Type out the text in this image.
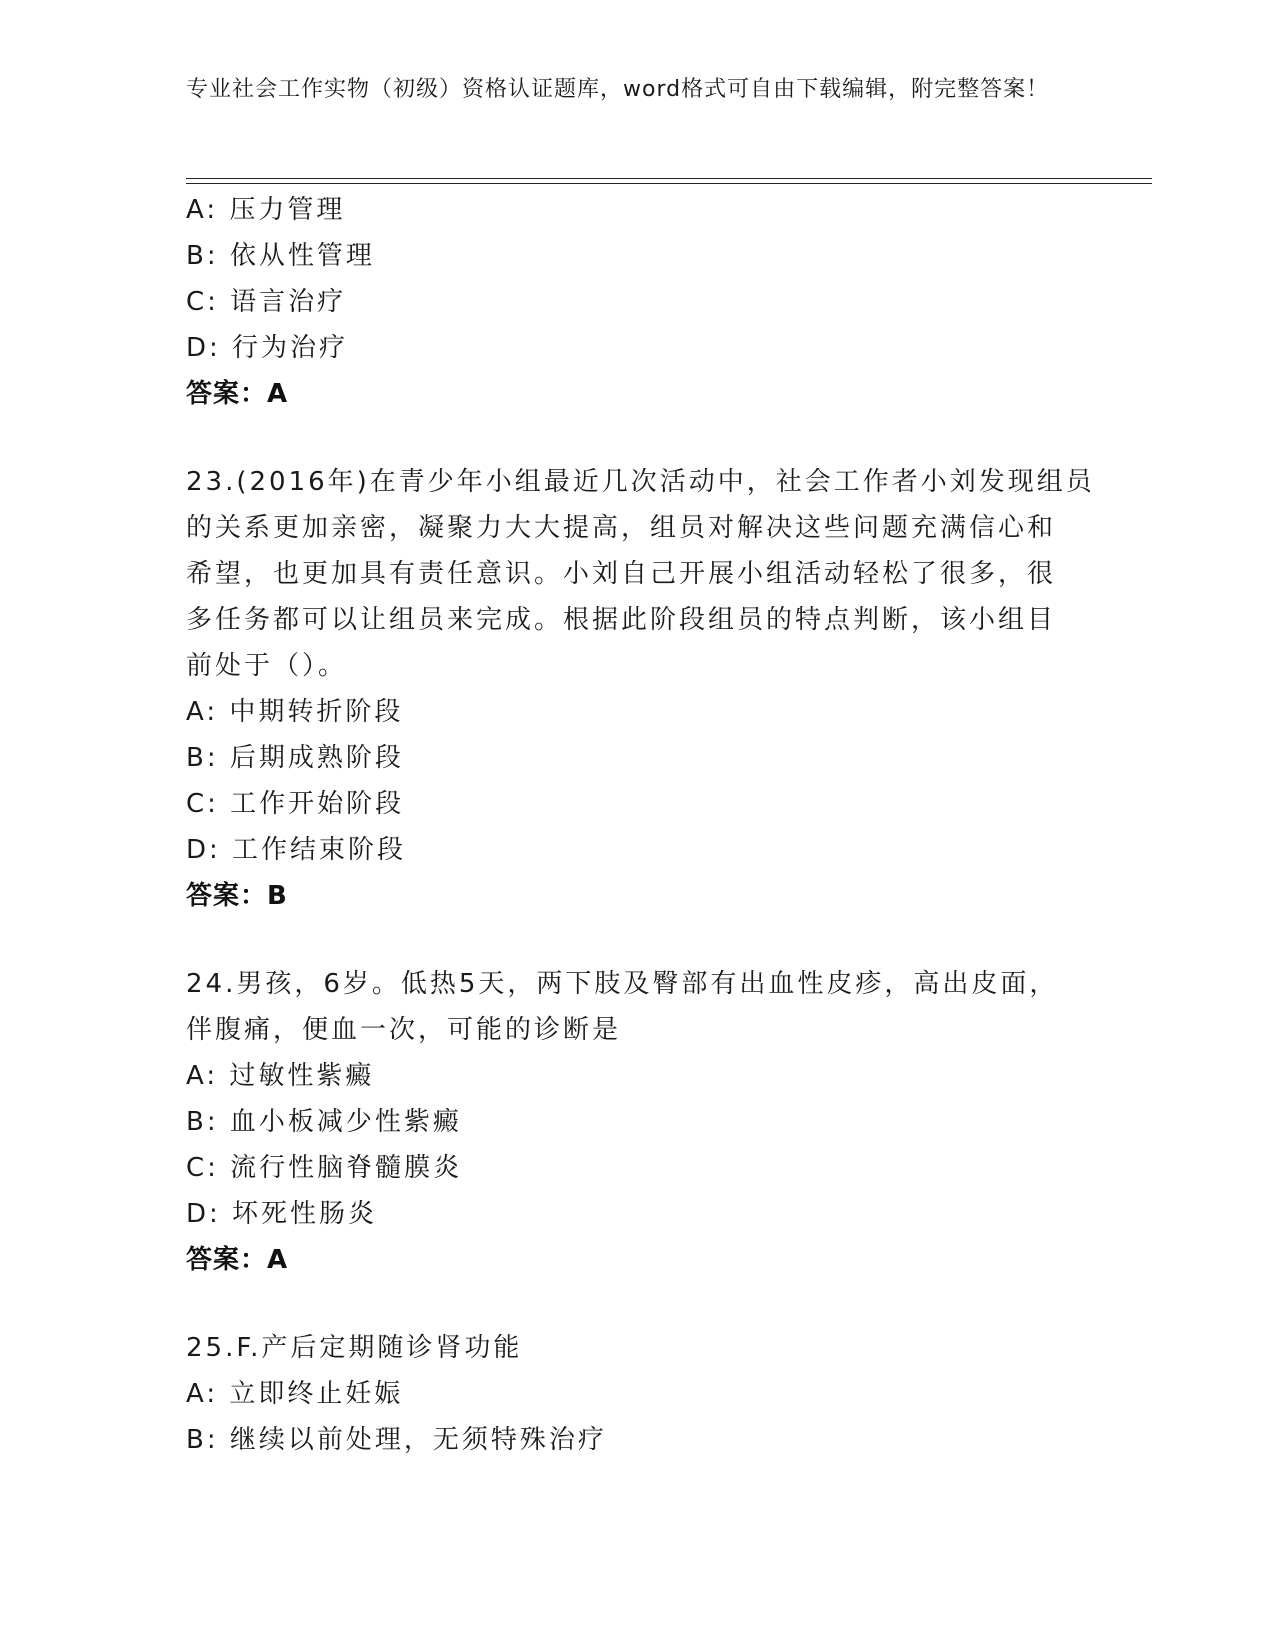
专业社会工作实物（初级）资格认证题库，word格式可自由下载编辑，附完整答案！
A: 压力管理
B: 依从性管理
C: 语言治疗
D: 行为治疗
答案：A
23.(2016年)在青少年小组最近几次活动中，社会工作者小刘发现组员
的关系更加亲密，凝聚力大大提高，组员对解决这些问题充满信心和
希望，也更加具有责任意识。小刘自己开展小组活动轻松了很多，很
多任务都可以让组员来完成。根据此阶段组员的特点判断，该小组目
前处于（）。
A: 中期转折阶段
B: 后期成熟阶段
C: 工作开始阶段
D: 工作结束阶段
答案：B
24.男孩，6岁。低热5天，两下肢及臀部有出血性皮疹，高出皮面，
伴腹痛，便血一次，可能的诊断是
A: 过敏性紫癜
B: 血小板减少性紫癜
C: 流行性脑脊髓膜炎
D: 坏死性肠炎
答案：A
25.F.产后定期随诊肾功能
A: 立即终止妊娠
B: 继续以前处理，无须特殊治疗
